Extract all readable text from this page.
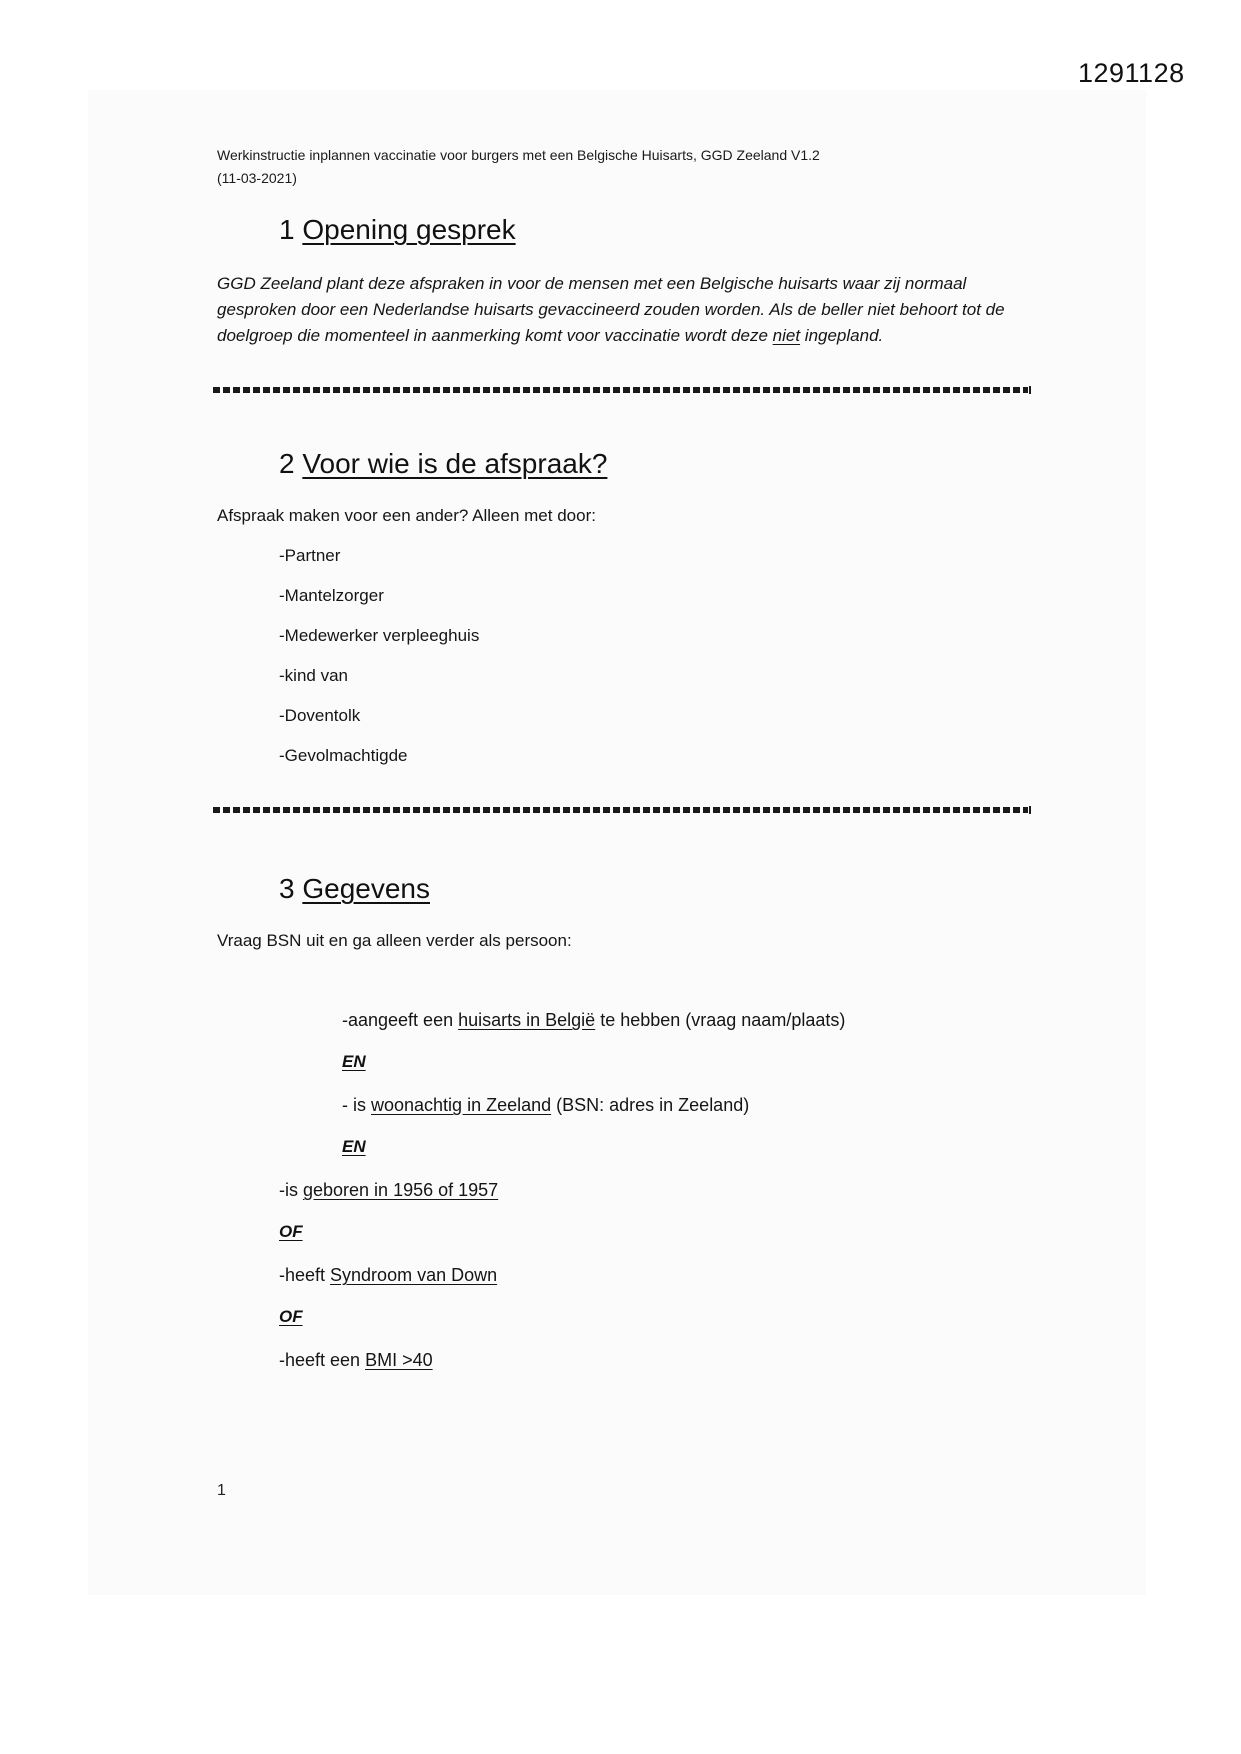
1291128
Werkinstructie inplannen vaccinatie voor burgers met een Belgische Huisarts, GGD Zeeland V1.2
(11-03-2021)
1 Opening gesprek
GGD Zeeland plant deze afspraken in voor de mensen met een Belgische huisarts waar zij normaal gesproken door een Nederlandse huisarts gevaccineerd zouden worden. Als de beller niet behoort tot de doelgroep die momenteel in aanmerking komt voor vaccinatie wordt deze niet ingepland.
2 Voor wie is de afspraak?
Afspraak maken voor een ander? Alleen met door:
-Partner
-Mantelzorger
-Medewerker verpleeghuis
-kind van
-Doventolk
-Gevolmachtigde
3 Gegevens
Vraag BSN uit en ga alleen verder als persoon:
-aangeeft een huisarts in België te hebben (vraag naam/plaats)
EN
- is woonachtig in Zeeland (BSN: adres in Zeeland)
EN
-is geboren in 1956 of 1957
OF
-heeft Syndroom van Down
OF
-heeft een BMI >40
1
